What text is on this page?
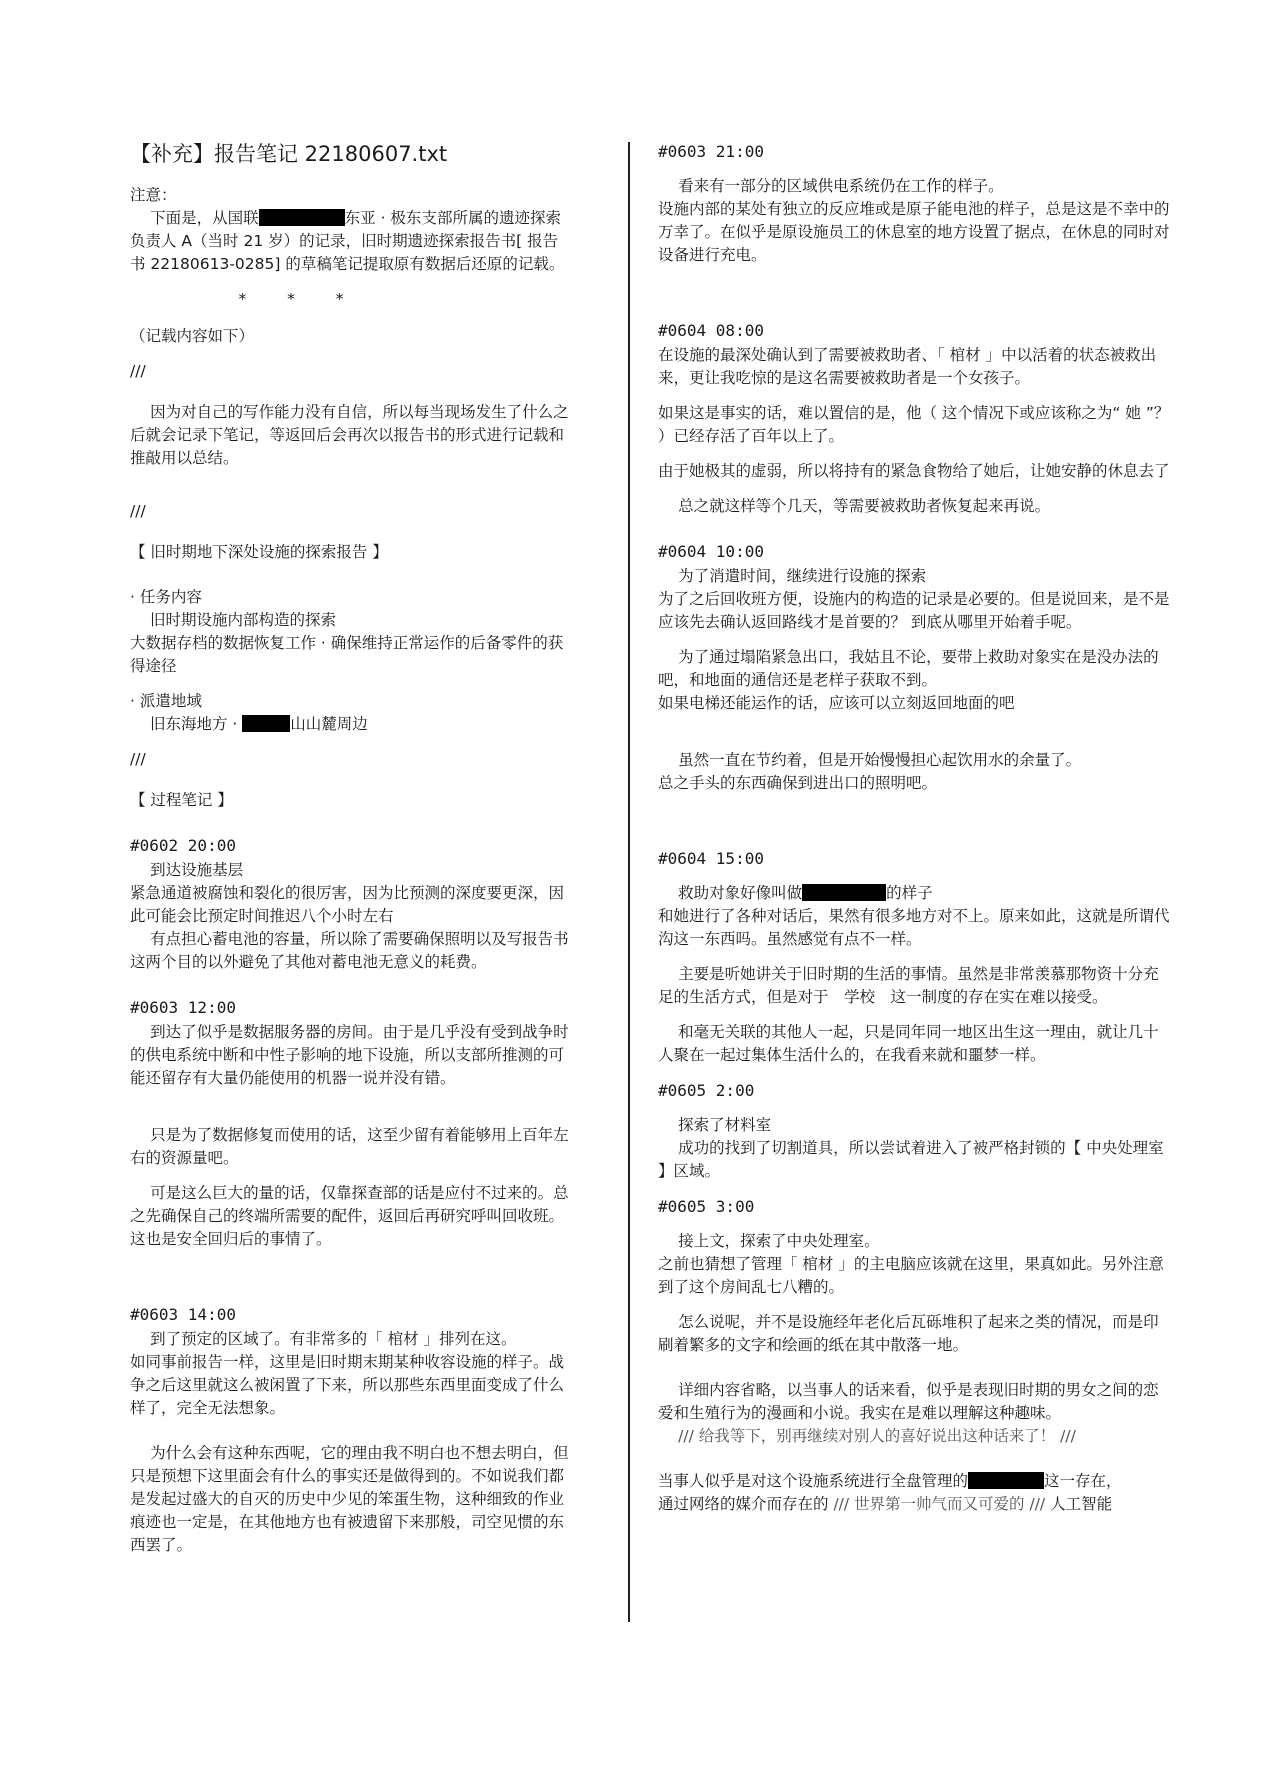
【补充】报告笔记 22180607.txt

注意：

下面是，从国联	东亚 · 极东支部所属的遗迹探索负责人 A（当时 21 岁）的记录，旧时期遗迹探索报告书[ 报告书 22180613-0285] 的草稿笔记提取原有数据后还原的记载。

* * *

（记载内容如下）

///

因为对自己的写作能力没有自信，所以每当现场发生了什么之后就会记录下笔记，等返回后会再次以报告书的形式进行记载和推敲用以总结。

///

【 旧时期地下深处设施的探索报告 】

· 任务内容

旧时期设施内部构造的探索

大数据存档的数据恢复工作 · 确保维持正常运作的后备零件的获得途径

· 派遣地域

旧东海地方 ·	山山麓周边

///

【 过程笔记 】

#0602 20:00

到达设施基层

紧急通道被腐蚀和裂化的很厉害，因为比预测的深度要更深，因此可能会比预定时间推迟八个小时左右

有点担心蓄电池的容量，所以除了需要确保照明以及写报告书这两个目的以外避免了其他对蓄电池无意义的耗费。

#0603 12:00

到达了似乎是数据服务器的房间。由于是几乎没有受到战争时的供电系统中断和中性子影响的地下设施，所以支部所推测的可能还留存有大量仍能使用的机器一说并没有错。

只是为了数据修复而使用的话，这至少留有着能够用上百年左右的资源量吧。

可是这么巨大的量的话，仅靠探查部的话是应付不过来的。总之先确保自己的终端所需要的配件，返回后再研究呼叫回收班。这也是安全回归后的事情了。

#0603 14:00

到了预定的区域了。有非常多的「 棺材 」排列在这。

如同事前报告一样，这里是旧时期末期某种收容设施的样子。战争之后这里就这么被闲置了下来，所以那些东西里面变成了什么样了，完全无法想象。

为什么会有这种东西呢，它的理由我不明白也不想去明白，但只是预想下这里面会有什么的事实还是做得到的。不如说我们都是发起过盛大的自灭的历史中少见的笨蛋生物，这种细致的作业痕迹也一定是，在其他地方也有被遗留下来那般，司空见惯的东西罢了。

#0603 21:00

看来有一部分的区域供电系统仍在工作的样子。

设施内部的某处有独立的反应堆或是原子能电池的样子，总是这是不幸中的万幸了。在似乎是原设施员工的休息室的地方设置了据点，在休息的同时对设备进行充电。

#0604 08:00

在设施的最深处确认到了需要被救助者、「 棺材 」中以活着的状态被救出来，更让我吃惊的是这名需要被救助者是一个女孩子。

如果这是事实的话，难以置信的是，他（ 这个情况下或应该称之为“ 她 ”？ ）已经存活了百年以上了。

由于她极其的虚弱，所以将持有的紧急食物给了她后，让她安静的休息去了

总之就这样等个几天，等需要被救助者恢复起来再说。

#0604 10:00

为了消遣时间，继续进行设施的探索

为了之后回收班方便，设施内的构造的记录是必要的。但是说回来，是不是应该先去确认返回路线才是首要的？ 到底从哪里开始着手呢。

为了通过塌陷紧急出口，我姑且不论，要带上救助对象实在是没办法的吧，和地面的通信还是老样子获取不到。

如果电梯还能运作的话，应该可以立刻返回地面的吧

虽然一直在节约着，但是开始慢慢担心起饮用水的余量了。

总之手头的东西确保到进出口的照明吧。

#0604 15:00

救助对象好像叫做	的样子

和她进行了各种对话后，果然有很多地方对不上。原来如此，这就是所谓代沟这一东西吗。虽然感觉有点不一样。

主要是听她讲关于旧时期的生活的事情。虽然是非常羡慕那物资十分充足的生活方式，但是对于　学校　这一制度的存在实在难以接受。

和毫无关联的其他人一起，只是同年同一地区出生这一理由，就让几十人聚在一起过集体生活什么的，在我看来就和噩梦一样。

#0605 2:00

探索了材料室

成功的找到了切割道具，所以尝试着进入了被严格封锁的【 中央处理室 】区域。

#0605 3:00

接上文，探索了中央处理室。

之前也猜想了管理「 棺材 」的主电脑应该就在这里，果真如此。另外注意到了这个房间乱七八糟的。

怎么说呢，并不是设施经年老化后瓦砾堆积了起来之类的情况，而是印刷着繁多的文字和绘画的纸在其中散落一地。

详细内容省略，以当事人的话来看，似乎是表现旧时期的男女之间的恋爱和生殖行为的漫画和小说。我实在是难以理解这种趣味。

/// 给我等下，别再继续对别人的喜好说出这种话来了！ ///

当事人似乎是对这个设施系统进行全盘管理的	这一存在，

通过网络的媒介而存在的 /// 世界第一帅气而又可爱的 /// 人工智能
